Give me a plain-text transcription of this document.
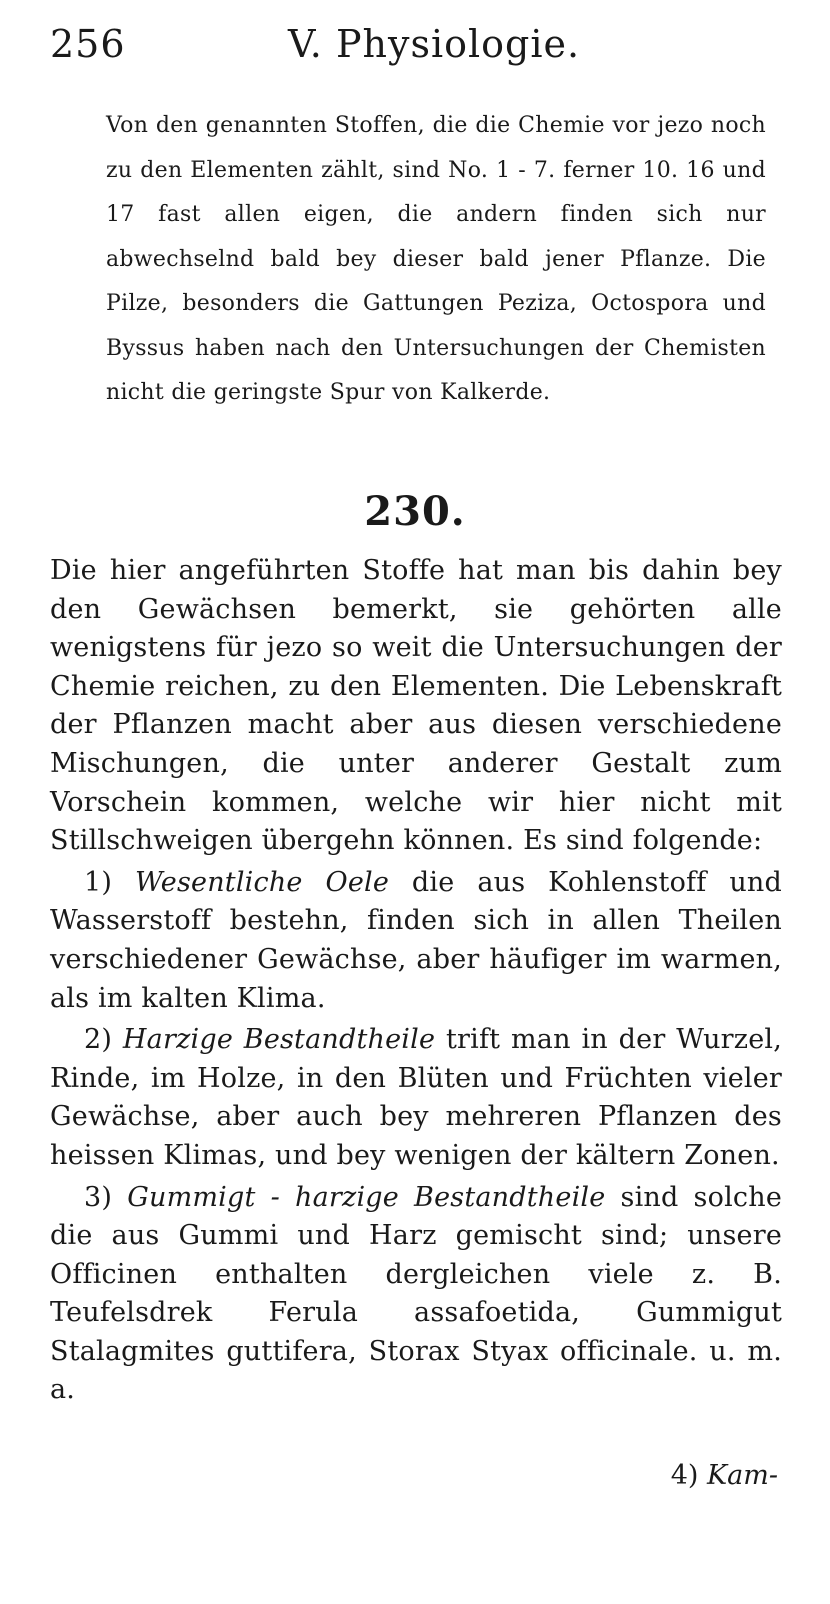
256	V. Physiologie.

Von den genannten Stoffen, die die Chemie vor jezo noch zu den Elementen zählt, sind No. 1 - 7. ferner 10. 16 und 17 fast allen eigen, die andern finden sich nur abwechselnd bald bey dieser bald jener Pflanze. Die Pilze, besonders die Gattungen Peziza, Octospora und Byssus haben nach den Untersuchungen der Chemisten nicht die geringste Spur von Kalkerde.

230.

Die hier angeführten Stoffe hat man bis dahin bey den Gewächsen bemerkt, sie gehörten alle wenigstens für jezo so weit die Untersuchungen der Chemie reichen, zu den Elementen. Die Lebenskraft der Pflanzen macht aber aus diesen verschiedene Mischungen, die unter anderer Gestalt zum Vorschein kommen, welche wir hier nicht mit Stillschweigen übergehn können. Es sind folgende:

1) Wesentliche Oele die aus Kohlenstoff und Wasserstoff bestehn, finden sich in allen Theilen verschiedener Gewächse, aber häufiger im warmen, als im kalten Klima.

2) Harzige Bestandtheile trift man in der Wurzel, Rinde, im Holze, in den Blüten und Früchten vieler Gewächse, aber auch bey mehreren Pflanzen des heissen Klimas, und bey wenigen der kältern Zonen.

3) Gummigt - harzige Bestandtheile sind solche die aus Gummi und Harz gemischt sind; unsere Officinen enthalten dergleichen viele z. B. Teufelsdrek Ferula assafoetida, Gummigut Stalagmites guttifera, Storax Styax officinale. u. m. a.

4) Kam-
